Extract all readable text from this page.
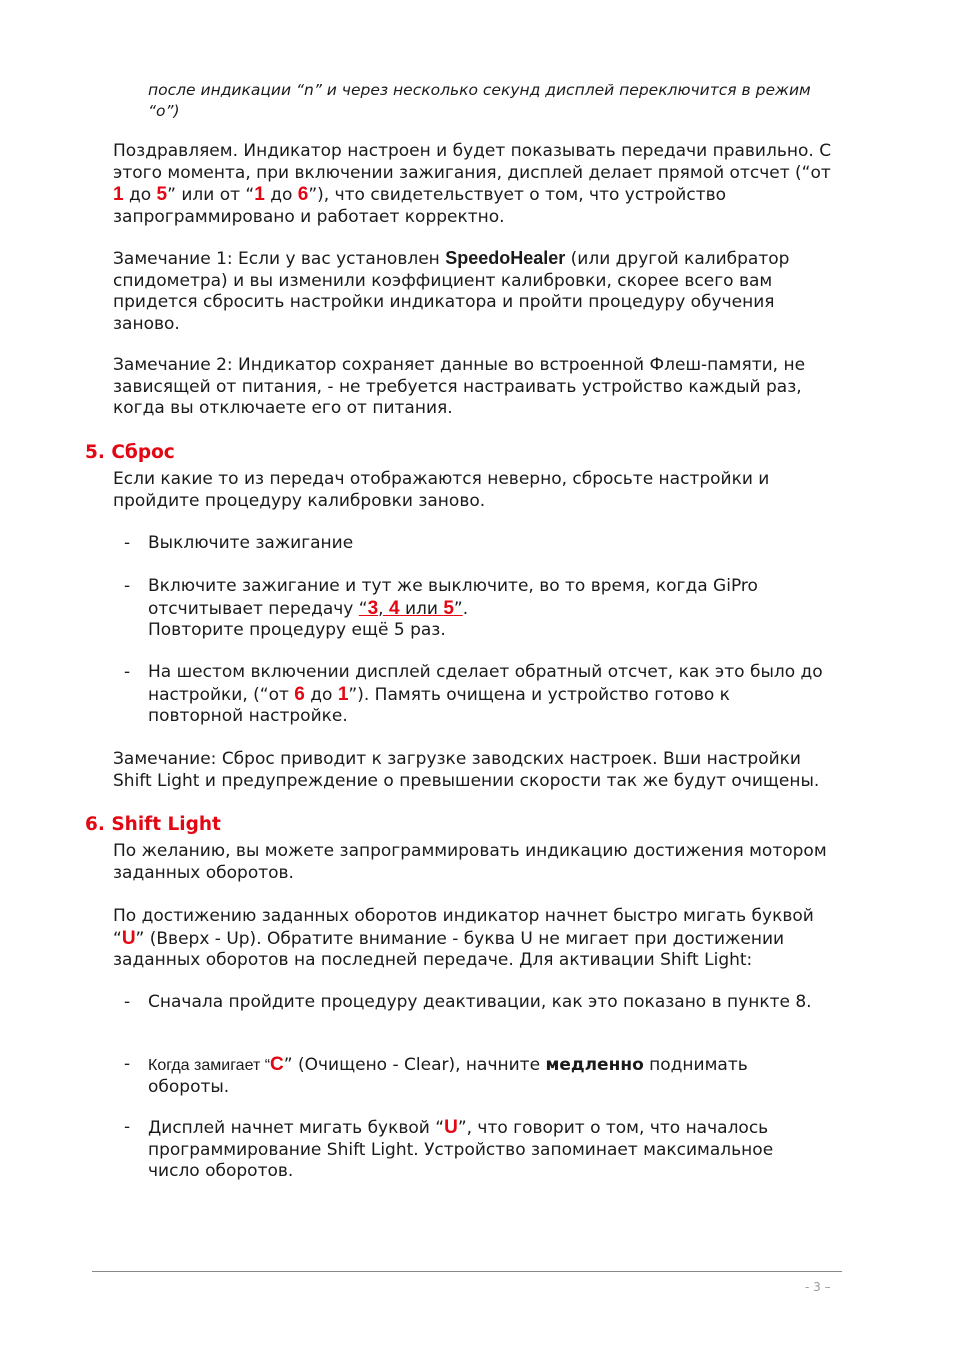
после индикации “n” и через несколько секунд дисплей переключится в режим “o”)

Поздравляем. Индикатор настроен и будет показывать передачи правильно. С этого момента, при включении зажигания, дисплей делает прямой отсчет (“от 1 до 5” или от “1 до 6”), что свидетельствует о том, что устройство запрограммировано и работает корректно.

Замечание 1: Если у вас установлен SpeedoHealer (или другой калибратор спидометра) и вы изменили коэффициент калибровки, скорее всего вам придется сбросить настройки индикатора и пройти процедуру обучения заново.

Замечание 2: Индикатор сохраняет данные во встроенной Флеш-памяти, не зависящей от питания, - не требуется настраивать устройство каждый раз, когда вы отключаете его от питания.

5. Сброс

Если какие то из передач отображаются неверно, сбросьте настройки и пройдите процедуру калибровки заново.

- Выключите зажигание

- Включите зажигание и тут же выключите, во то время, когда GiPro отсчитывает передачу “3, 4 или 5”.
Повторите процедуру ещё 5 раз.

- На шестом включении дисплей сделает обратный отсчет, как это было до настройки, (“от 6 до 1”). Память очищена и устройство готово к повторной настройке.

Замечание: Сброс приводит к загрузке заводских настроек. Вши настройки Shift Light и предупреждение о превышении скорости так же будут очищены.

6. Shift Light

По желанию, вы можете запрограммировать индикацию достижения мотором заданных оборотов.

По достижению заданных оборотов индикатор начнет быстро мигать буквой “U” (Вверх - Up). Обратите внимание - буква U не мигает при достижении заданных оборотов на последней передаче. Для активации Shift Light:

- Сначала пройдите процедуру деактивации, как это показано в пункте 8.

- Когда замигает “C” (Очищено - Clear), начните медленно поднимать обороты.

- Дисплей начнет мигать буквой “U”, что говорит о том, что началось программирование Shift Light. Устройство запоминает максимальное число оборотов.

- 3 –
